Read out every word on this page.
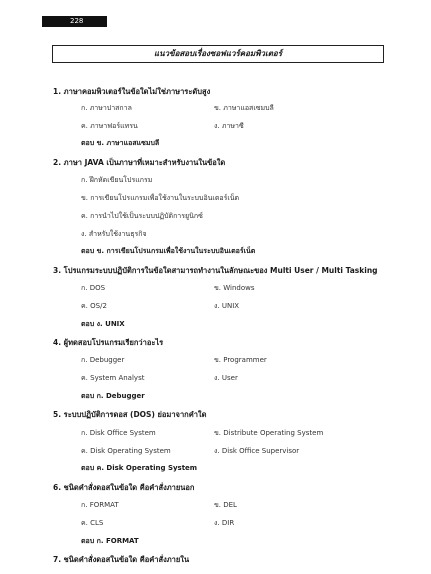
228
แนวข้อสอบเรื่องซอฟแวร์คอมพิวเตอร์
1. ภาษาคอมพิวเตอร์ในข้อใดไม่ใช่ภาษาระดับสูง
ก. ภาษาปาสกาล	ข. ภาษาแอสเซมบลี
ค. ภาษาฟอร์แทรน	ง. ภาษาซี
ตอบ ข. ภาษาแอสแซมบลี
2. ภาษา JAVA เป็นภาษาที่เหมาะสำหรับงานในข้อใด
ก. ฝึกหัดเขียนโปรแกรม
ข. การเขียนโปรแกรมเพื่อใช้งานในระบบอินเตอร์เน็ต
ค. การนำไปใช้เป็นระบบปฏิบัติการยูนิกซ์
ง. สำหรับใช้งานธุรกิจ
ตอบ ข. การเขียนโปรแกรมเพื่อใช้งานในระบบอินเตอร์เน็ต
3. โปรแกรมระบบปฏิบัติการในข้อใดสามารถทำงานในลักษณะของ Multi User / Multi Tasking
ก. DOS	ข. Windows
ค. OS/2	ง. UNIX
ตอบ ง. UNIX
4. ผู้ทดสอบโปรแกรมเรียกว่าอะไร
ก. Debugger	ข. Programmer
ค. System Analyst	ง. User
ตอบ ก. Debugger
5. ระบบปฏิบัติการดอส (DOS) ย่อมาจากคำใด
ก. Disk Office System	ข. Distribute Operating System
ค. Disk Operating System	ง. Disk Office Supervisor
ตอบ ค. Disk Operating System
6. ชนิดคำสั่งดอสในข้อใด คือคำสั่งภายนอก
ก. FORMAT	ข. DEL
ค. CLS	ง. DIR
ตอบ ก. FORMAT
7. ชนิดคำสั่งดอสในข้อใด คือคำสั่งภายใน
